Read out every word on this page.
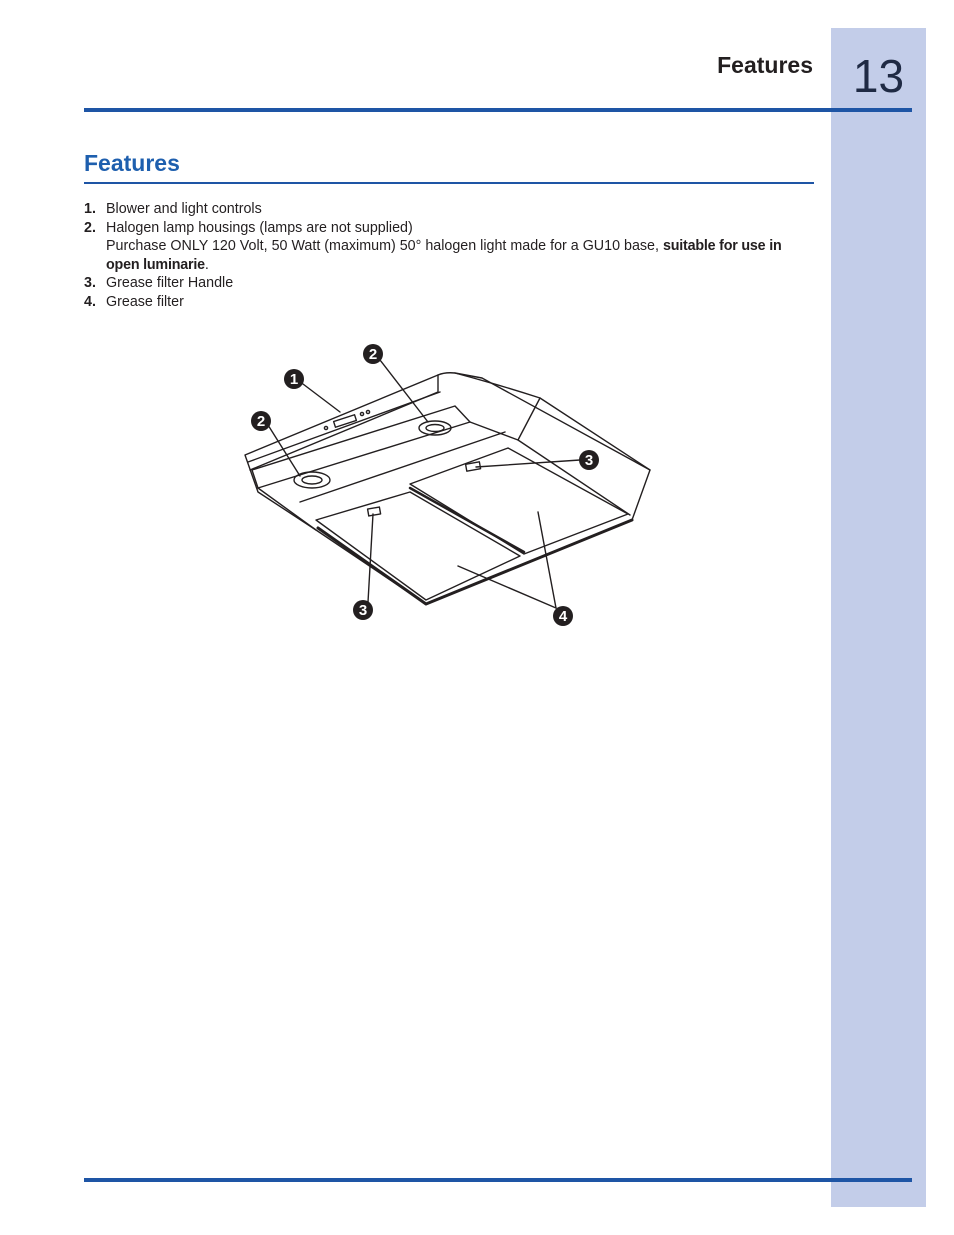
13
Features
Features
1. Blower and light controls
2. Halogen lamp housings (lamps are not supplied)
Purchase ONLY 120 Volt, 50 Watt (maximum) 50° halogen light made for a GU10 base, suitable for use in open luminarie.
3. Grease filter Handle
4. Grease filter
1
2
2
3
3	4
